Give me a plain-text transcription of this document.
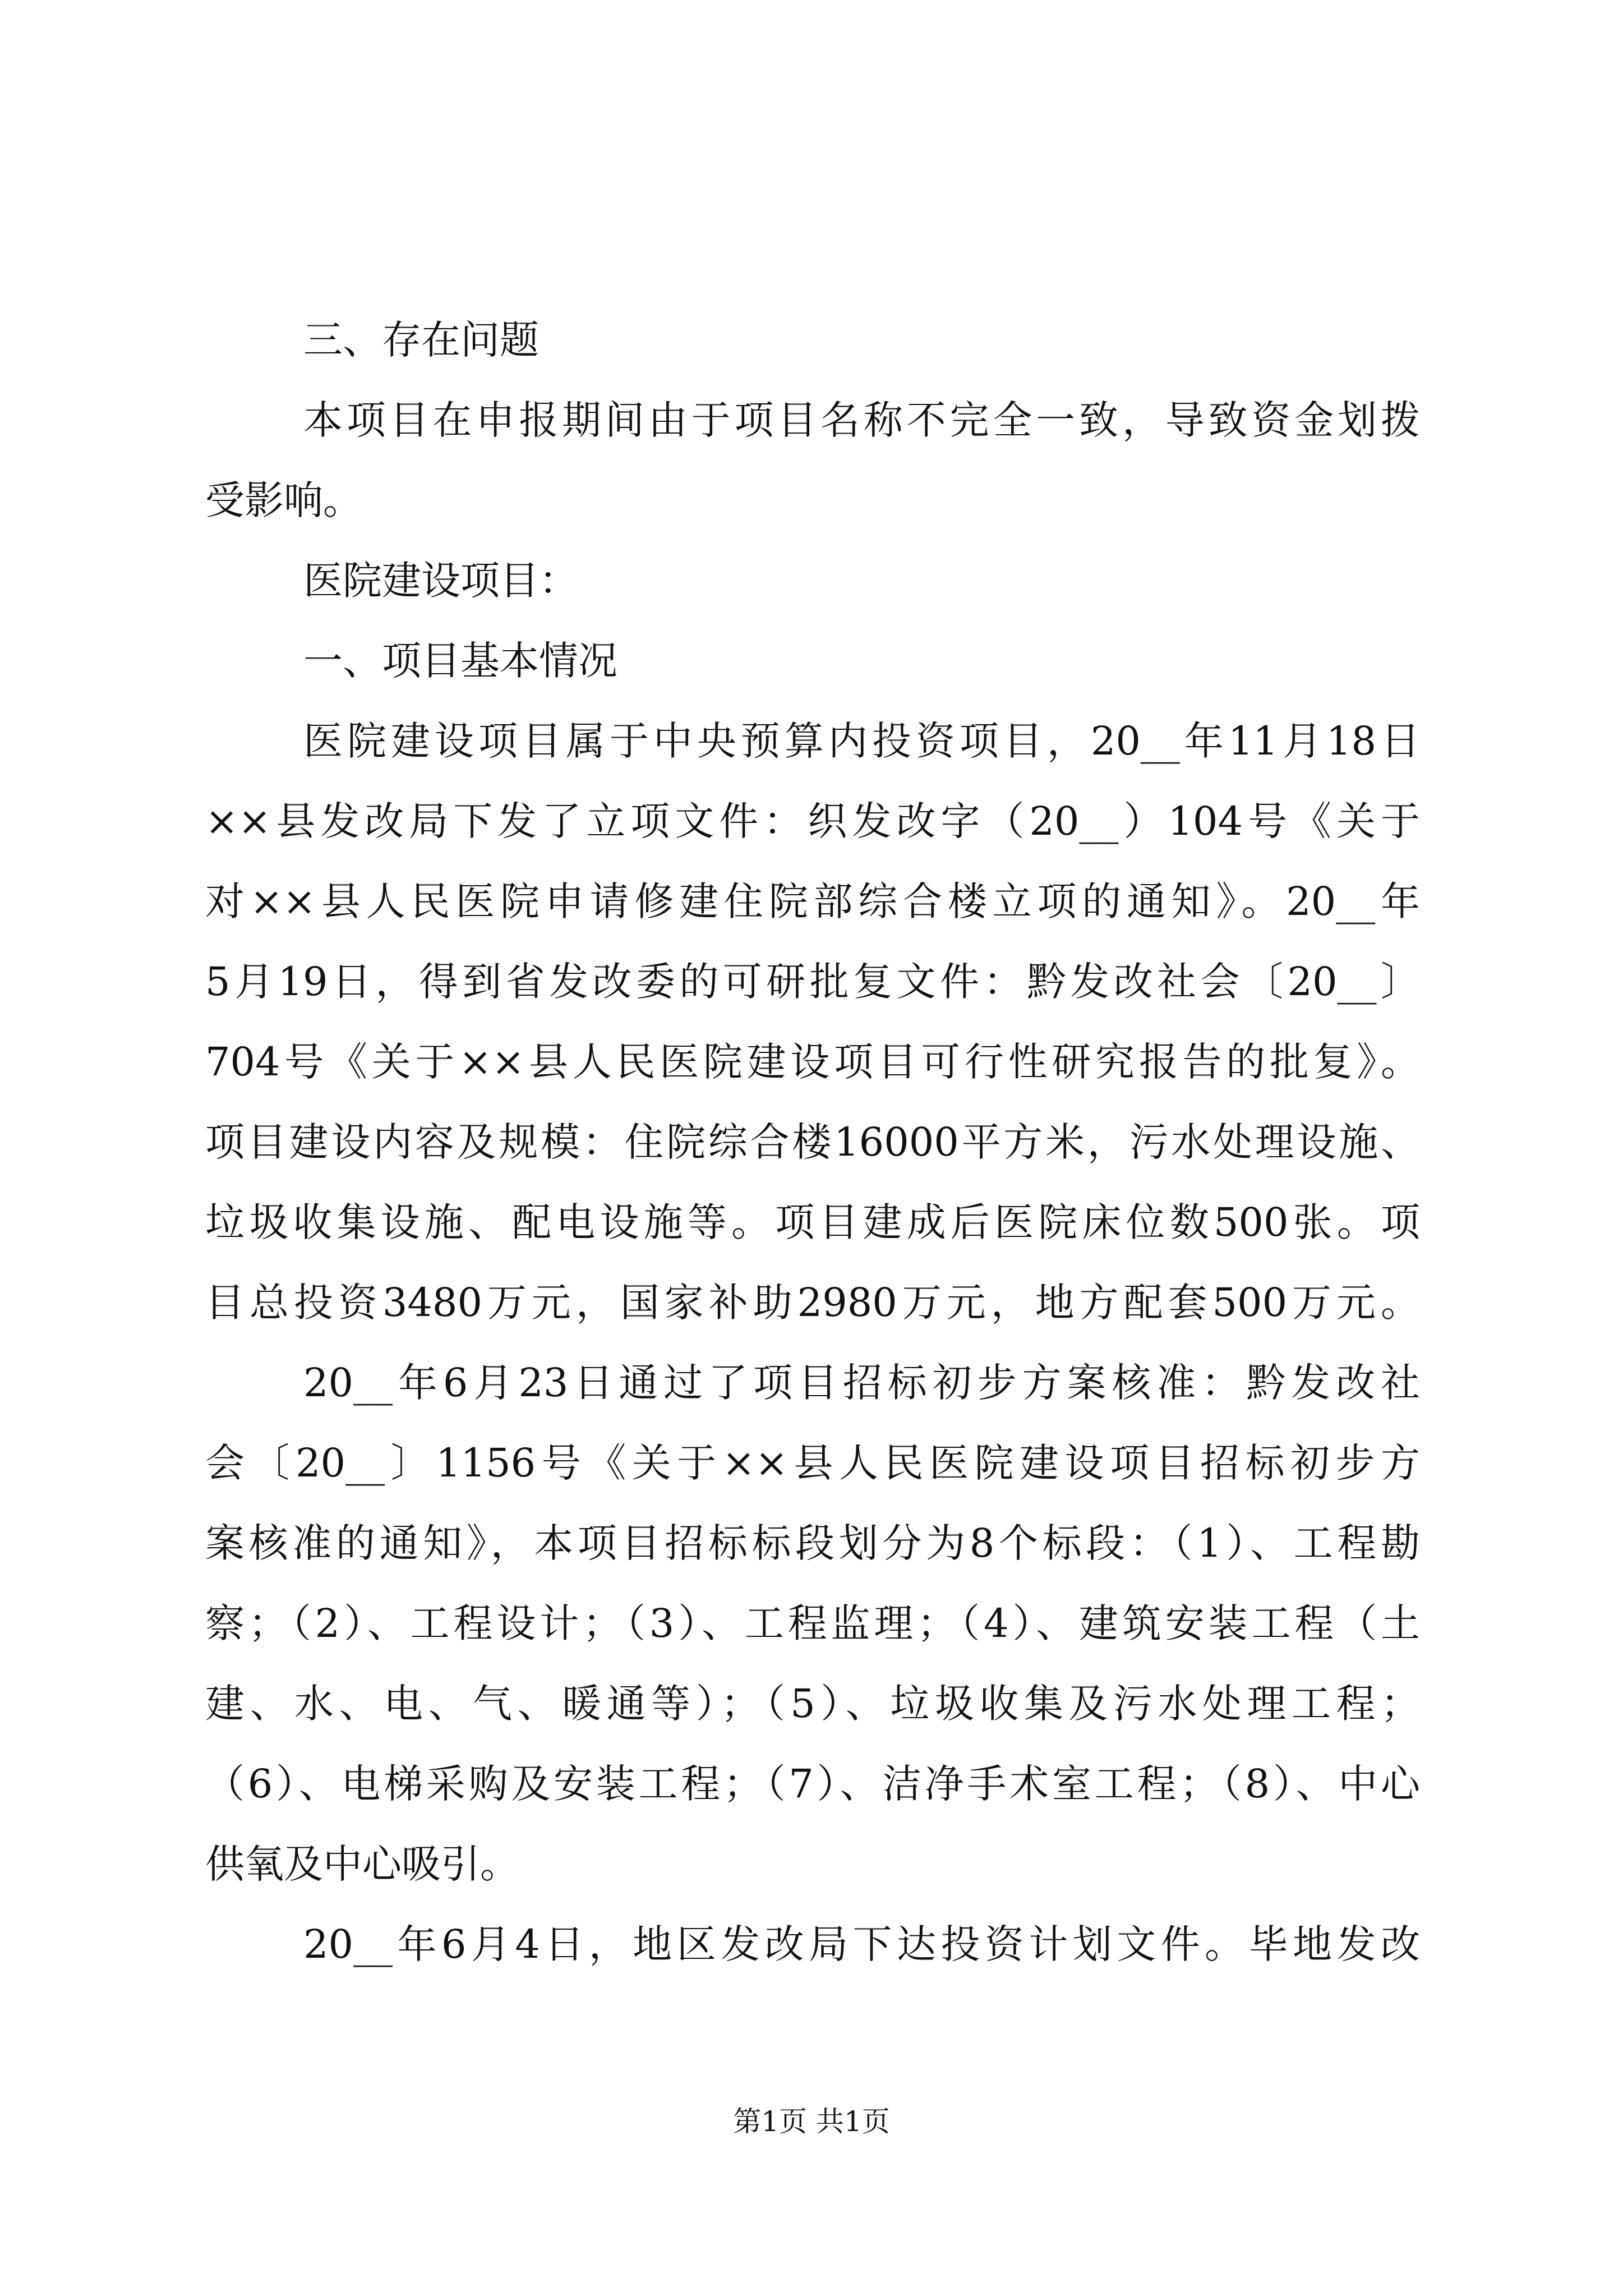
三、存在问题
本项目在申报期间由于项目名称不完全一致，导致资金划拨
受影响。
医院建设项目：
一、项目基本情况
医院建设项目属于中央预算内投资项目，20__年11月18日
××县发改局下发了立项文件：织发改字（20__）104号《关于
对××县人民医院申请修建住院部综合楼立项的通知》。20__年
5月19日，得到省发改委的可研批复文件：黔发改社会〔20__〕
704号《关于××县人民医院建设项目可行性研究报告的批复》。
项目建设内容及规模：住院综合楼16000平方米，污水处理设施、
垃圾收集设施、配电设施等。项目建成后医院床位数500张。项
目总投资3480万元，国家补助2980万元，地方配套500万元。
20__年6月23日通过了项目招标初步方案核准：黔发改社
会〔20__〕1156号《关于××县人民医院建设项目招标初步方
案核准的通知》，本项目招标标段划分为8个标段：（1）、工程勘
察；（2）、工程设计；（3）、工程监理；（4）、建筑安装工程（土
建、水、电、气、暖通等）；（5）、垃圾收集及污水处理工程；
（6）、电梯采购及安装工程；（7）、洁净手术室工程；（8）、中心
供氧及中心吸引。
20__年6月4日，地区发改局下达投资计划文件。毕地发改
第1页 共1页
